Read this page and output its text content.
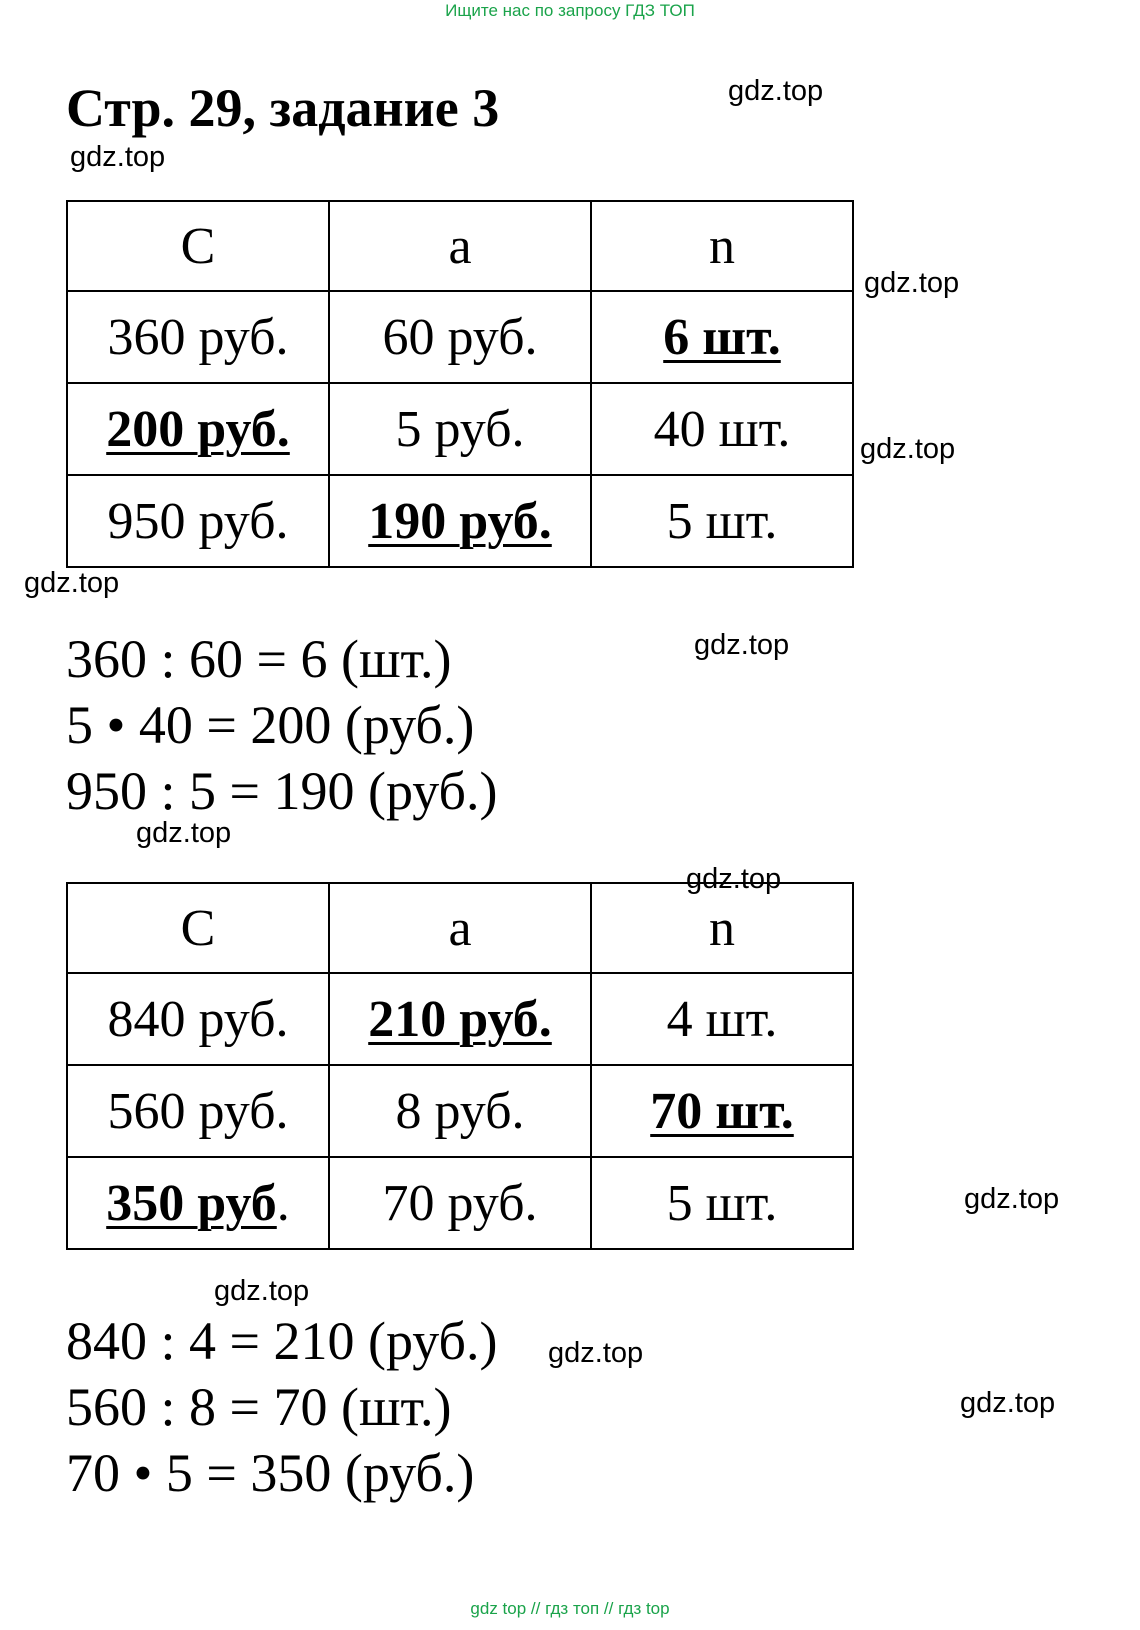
Ищите нас по запросу ГДЗ ТОП
Стр. 29, задание 3	gdz.top
gdz.top
C	a	n
360 руб.	60 руб.	6 шт.
200 руб.	5 руб.	40 шт.
950 руб.	190 руб.	5 шт.
gdz.top
gdz.top
gdz.top
gdz.top
360 : 60 = 6 (шт.)
5 • 40 = 200 (руб.)
950 : 5 = 190 (руб.)
gdz.top
C	a	n
840 руб.	210 руб.	4 шт.
560 руб.	8 руб.	70 шт.
350 руб.	70 руб.	5 шт.
gdz.top
gdz.top
gdz.top
840 : 4 = 210 (руб.)
560 : 8 = 70 (шт.)
70 • 5 = 350 (руб.)
gdz.top
gdz.top
gdz top // гдз топ // гдз top
